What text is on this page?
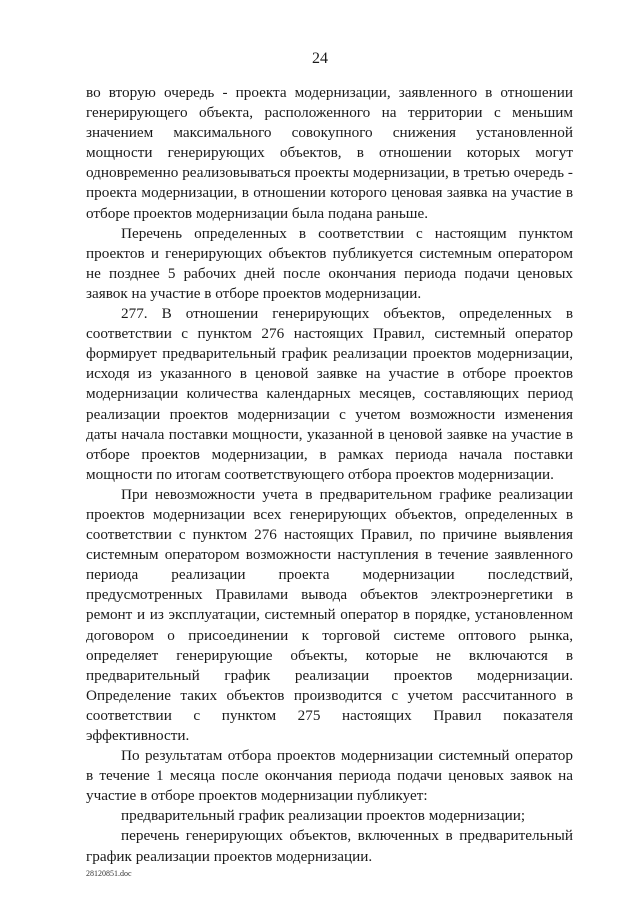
24

во вторую очередь - проекта модернизации, заявленного в отношении генерирующего объекта, расположенного на территории с меньшим значением максимального совокупного снижения установленной мощности генерирующих объектов, в отношении которых могут одновременно реализовываться проекты модернизации, в третью очередь - проекта модернизации, в отношении которого ценовая заявка на участие в отборе проектов модернизации была подана раньше.

Перечень определенных в соответствии с настоящим пунктом проектов и генерирующих объектов публикуется системным оператором не позднее 5 рабочих дней после окончания периода подачи ценовых заявок на участие в отборе проектов модернизации.

277. В отношении генерирующих объектов, определенных в соответствии с пунктом 276 настоящих Правил, системный оператор формирует предварительный график реализации проектов модернизации, исходя из указанного в ценовой заявке на участие в отборе проектов модернизации количества календарных месяцев, составляющих период реализации проектов модернизации с учетом возможности изменения даты начала поставки мощности, указанной в ценовой заявке на участие в отборе проектов модернизации, в рамках периода начала поставки мощности по итогам соответствующего отбора проектов модернизации.

При невозможности учета в предварительном графике реализации проектов модернизации всех генерирующих объектов, определенных в соответствии с пунктом 276 настоящих Правил, по причине выявления системным оператором возможности наступления в течение заявленного периода реализации проекта модернизации последствий, предусмотренных Правилами вывода объектов электроэнергетики в ремонт и из эксплуатации, системный оператор в порядке, установленном договором о присоединении к торговой системе оптового рынка, определяет генерирующие объекты, которые не включаются в предварительный график реализации проектов модернизации. Определение таких объектов производится с учетом рассчитанного в соответствии с пунктом 275 настоящих Правил показателя эффективности.

По результатам отбора проектов модернизации системный оператор в течение 1 месяца после окончания периода подачи ценовых заявок на участие в отборе проектов модернизации публикует:

предварительный график реализации проектов модернизации;

перечень генерирующих объектов, включенных в предварительный график реализации проектов модернизации.

28120851.doc
